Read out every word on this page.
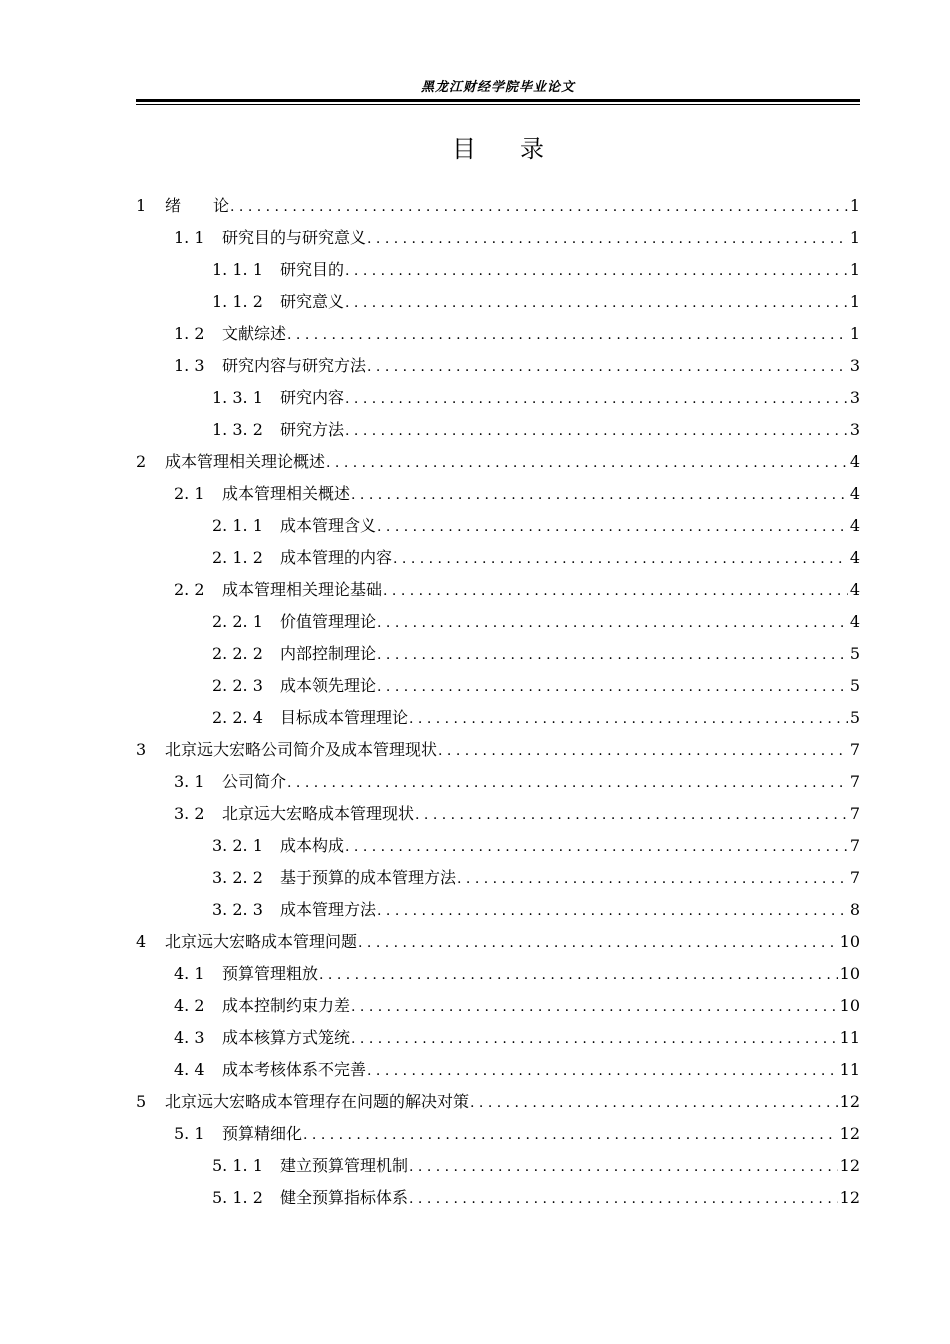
黑龙江财经学院毕业论文
目 录
1	绪　　论 . . .	1
1. 1	研究目的与研究意义 . . .	1
1. 1. 1	研究目的 . . .	1
1. 1. 2	研究意义 . . .	1
1. 2	文献综述 . . .	1
1. 3	研究内容与研究方法 . . .	3
1. 3. 1	研究内容 . . .	3
1. 3. 2	研究方法 . . .	3
2	成本管理相关理论概述 . . .	4
2. 1	成本管理相关概述 . . .	4
2. 1. 1	成本管理含义 . . .	4
2. 1. 2	成本管理的内容 . . .	4
2. 2	成本管理相关理论基础 . . .	4
2. 2. 1	价值管理理论 . . .	4
2. 2. 2	内部控制理论 . . .	5
2. 2. 3	成本领先理论 . . .	5
2. 2. 4	目标成本管理理论 . . .	5
3	北京远大宏略公司简介及成本管理现状 . . .	7
3. 1	公司简介 . . .	7
3. 2	北京远大宏略成本管理现状 . . .	7
3. 2. 1	成本构成 . . .	7
3. 2. 2	基于预算的成本管理方法 . . .	7
3. 2. 3	成本管理方法 . . .	8
4	北京远大宏略成本管理问题 . . .	10
4. 1	预算管理粗放 . . .	10
4. 2	成本控制约束力差 . . .	10
4. 3	成本核算方式笼统 . . .	11
4. 4	成本考核体系不完善 . . .	11
5	北京远大宏略成本管理存在问题的解决对策 . . .	12
5. 1	预算精细化 . . .	12
5. 1. 1	建立预算管理机制 . . .	12
5. 1. 2	健全预算指标体系 . . .	12
